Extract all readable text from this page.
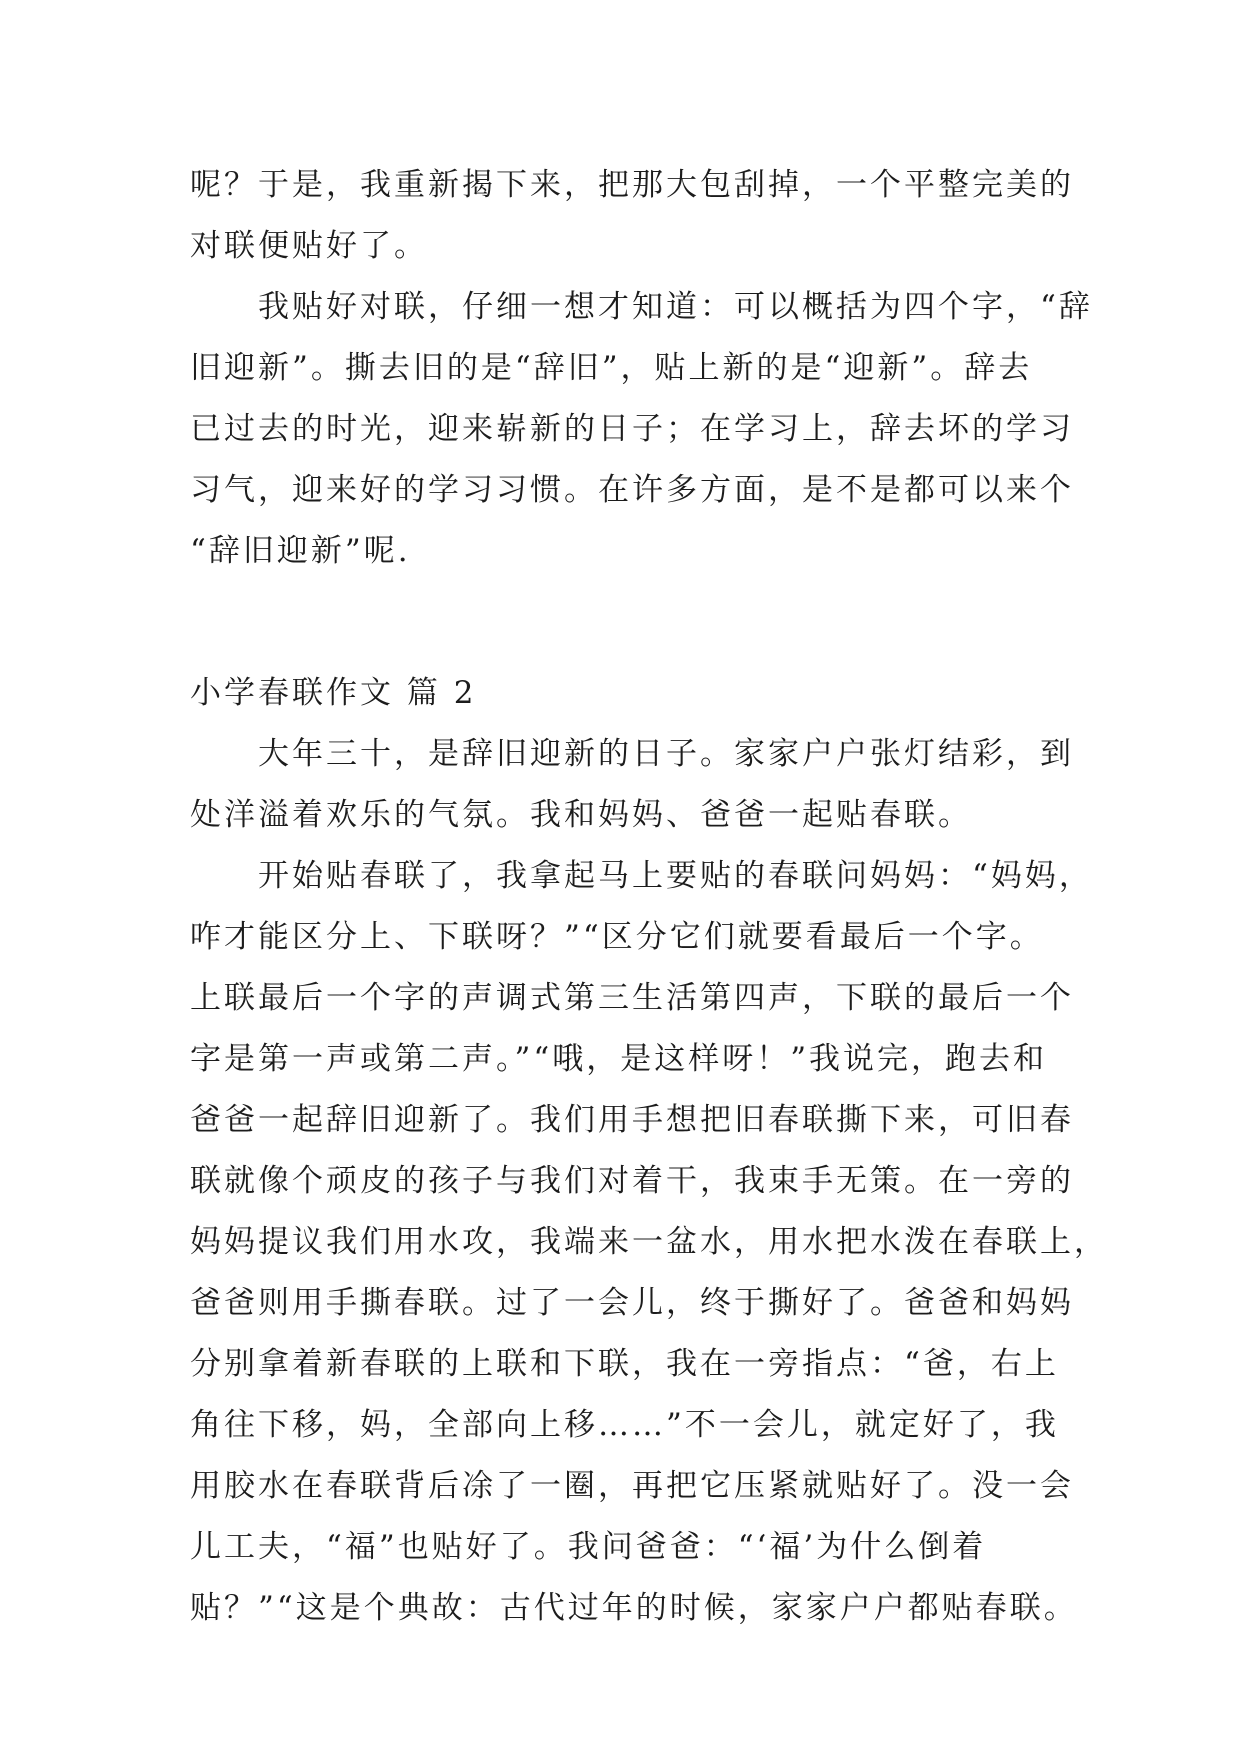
呢？于是，我重新揭下来，把那大包刮掉，一个平整完美的
对联便贴好了。
我贴好对联，仔细一想才知道：可以概括为四个字，“辞
旧迎新”。撕去旧的是“辞旧”，贴上新的是“迎新”。辞去
已过去的时光，迎来崭新的日子；在学习上，辞去坏的学习
习气，迎来好的学习习惯。在许多方面，是不是都可以来个
“辞旧迎新”呢.
小学春联作文 篇 2
大年三十，是辞旧迎新的日子。家家户户张灯结彩，到
处洋溢着欢乐的气氛。我和妈妈、爸爸一起贴春联。
开始贴春联了，我拿起马上要贴的春联问妈妈：“妈妈，
咋才能区分上、下联呀？”“区分它们就要看最后一个字。
上联最后一个字的声调式第三生活第四声，下联的最后一个
字是第一声或第二声。”“哦，是这样呀！”我说完，跑去和
爸爸一起辞旧迎新了。我们用手想把旧春联撕下来，可旧春
联就像个顽皮的孩子与我们对着干，我束手无策。在一旁的
妈妈提议我们用水攻，我端来一盆水，用水把水泼在春联上，
爸爸则用手撕春联。过了一会儿，终于撕好了。爸爸和妈妈
分别拿着新春联的上联和下联，我在一旁指点：“爸，右上
角往下移，妈，全部向上移……”不一会儿，就定好了，我
用胶水在春联背后凃了一圈，再把它压紧就贴好了。没一会
儿工夫，“福”也贴好了。我问爸爸：“‘福’为什么倒着
贴？”“这是个典故：古代过年的时候，家家户户都贴春联。
